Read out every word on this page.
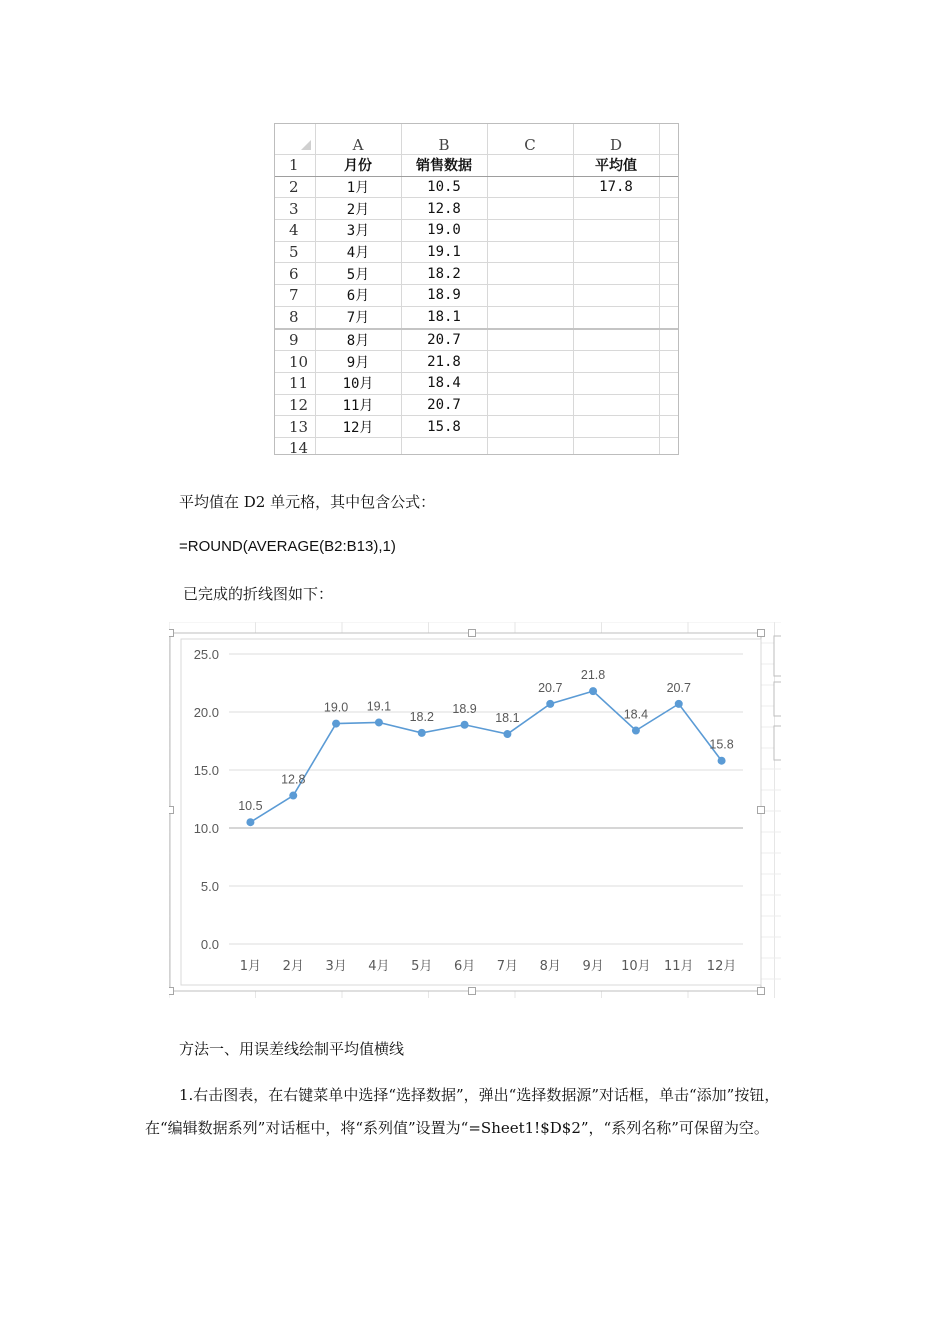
	A	B	C	D	
1	月份	销售数据		平均值	
2	1月	10.5		17.8	
3	2月	12.8			
4	3月	19.0			
5	4月	19.1			
6	5月	18.2			
7	6月	18.9			
8	7月	18.1			
9	8月	20.7			
10	9月	21.8			
11	10月	18.4			
12	11月	20.7			
13	12月	15.8			
14					

平均值在 D2 单元格，其中包含公式：

=ROUND(AVERAGE(B2:B13),1)

已完成的折线图如下：

0.0
5.0
10.0
15.0
20.0
25.0
1月 2月 3月 4月 5月 6月 7月 8月 9月 10月 11月 12月
10.5
12.8
19.0 19.1
18.2
18.9
18.1
20.7
21.8
18.4
20.7
15.8

方法一、用误差线绘制平均值横线

1.右击图表，在右键菜单中选择“选择数据”，弹出“选择数据源”对话框，单击“添加”按钮，

在“编辑数据系列”对话框中，将“系列值”设置为“=Sheet1!$D$2”，“系列名称”可保留为空。
